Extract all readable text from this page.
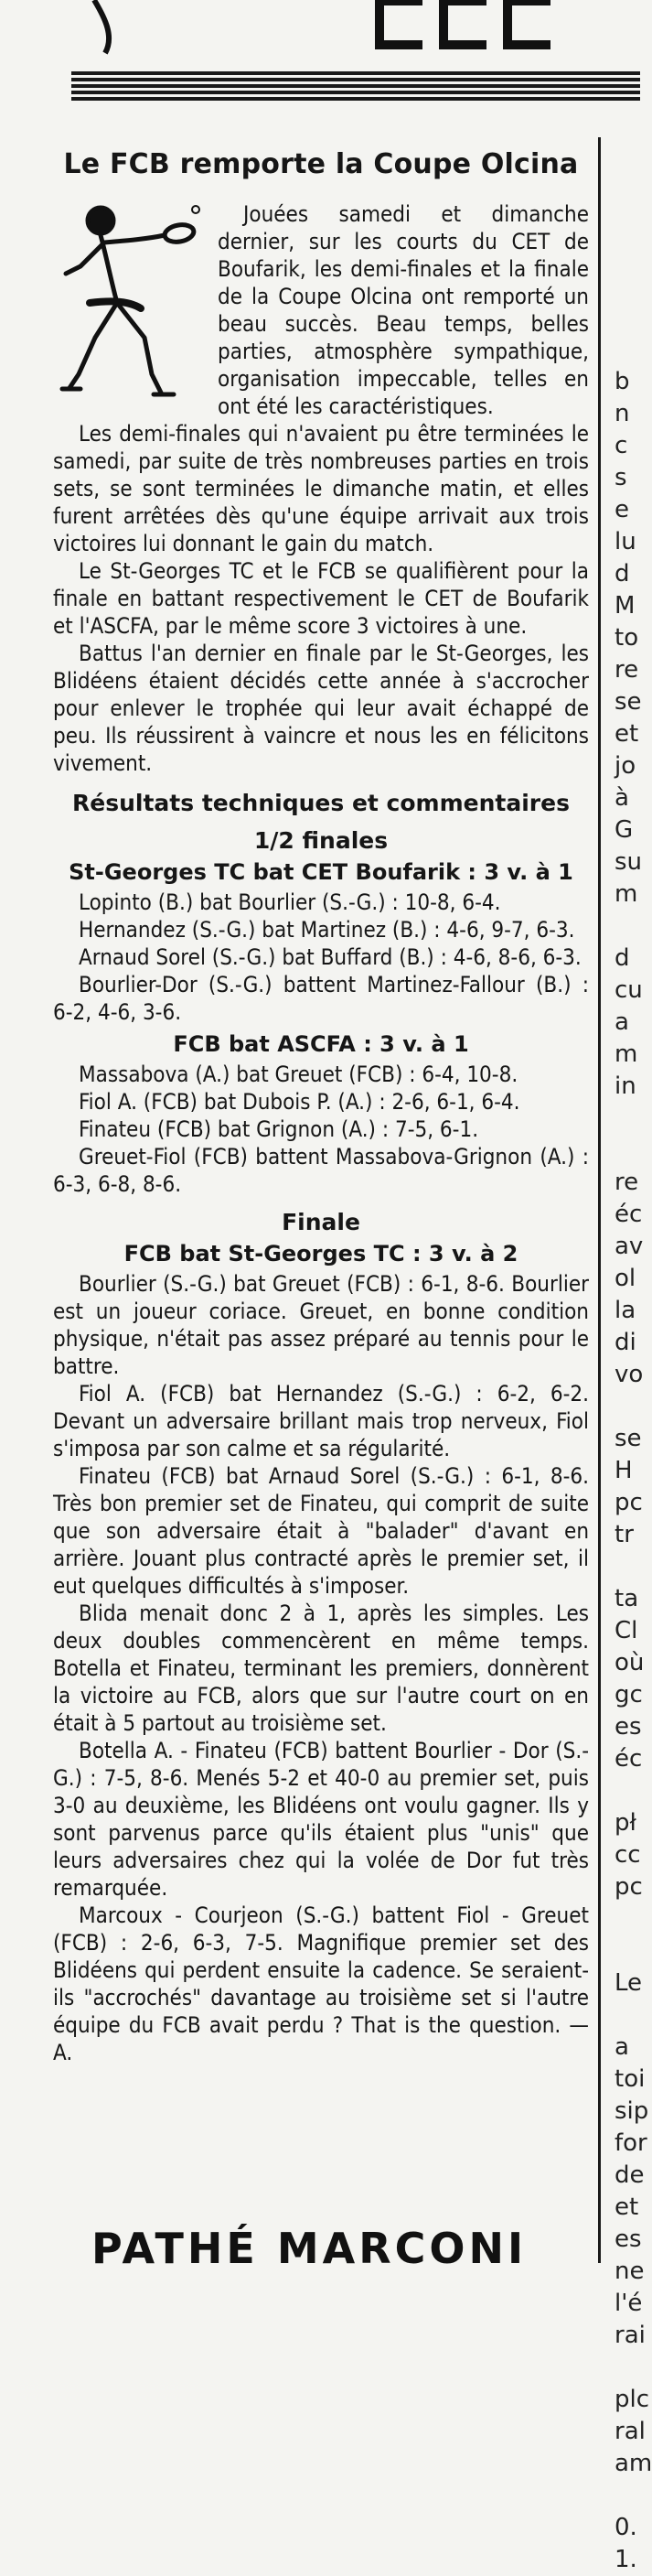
Le FCB remporte la Coupe Olcina

Jouées samedi et dimanche dernier, sur les courts du CET de Boufarik, les demi-finales et la finale de la Coupe Olcina ont remporté un beau succès. Beau temps, belles parties, atmosphère sympathique, organisation impeccable, telles en ont été les caractéristiques.

Les demi-finales qui n'avaient pu être terminées le samedi, par suite de très nombreuses parties en trois sets, se sont terminées le dimanche matin, et elles furent arrêtées dès qu'une équipe arrivait aux trois victoires lui donnant le gain du match.

Le St-Georges TC et le FCB se qualifièrent pour la finale en battant respectivement le CET de Boufarik et l'ASCFA, par le même score 3 victoires à une.

Battus l'an dernier en finale par le St-Georges, les Blidéens étaient décidés cette année à s'accrocher pour enlever le trophée qui leur avait échappé de peu. Ils réussirent à vaincre et nous les en félicitons vivement.

Résultats techniques et commentaires
1/2 finales
St-Georges TC bat CET Boufarik : 3 v. à 1

Lopinto (B.) bat Bourlier (S.-G.) : 10-8, 6-4.

Hernandez (S.-G.) bat Martinez (B.) : 4-6, 9-7, 6-3.

Arnaud Sorel (S.-G.) bat Buffard (B.) : 4-6, 8-6, 6-3.

Bourlier-Dor (S.-G.) battent Martinez-Fallour (B.) : 6-2, 4-6, 3-6.

FCB bat ASCFA : 3 v. à 1

Massabova (A.) bat Greuet (FCB) : 6-4, 10-8.

Fiol A. (FCB) bat Dubois P. (A.) : 2-6, 6-1, 6-4.

Finateu (FCB) bat Grignon (A.) : 7-5, 6-1.

Greuet-Fiol (FCB) battent Massabova-Grignon (A.) : 6-3, 6-8, 8-6.

Finale
FCB bat St-Georges TC : 3 v. à 2

Bourlier (S.-G.) bat Greuet (FCB) : 6-1, 8-6. Bourlier est un joueur coriace. Greuet, en bonne condition physique, n'était pas assez préparé au tennis pour le battre.

Fiol A. (FCB) bat Hernandez (S.-G.) : 6-2, 6-2. Devant un adversaire brillant mais trop nerveux, Fiol s'imposa par son calme et sa régularité.

Finateu (FCB) bat Arnaud Sorel (S.-G.) : 6-1, 8-6. Très bon premier set de Finateu, qui comprit de suite que son adversaire était à "balader" d'avant en arrière. Jouant plus contracté après le premier set, il eut quelques difficultés à s'imposer.

Blida menait donc 2 à 1, après les simples. Les deux doubles commencèrent en même temps. Botella et Finateu, terminant les premiers, donnèrent la victoire au FCB, alors que sur l'autre court on en était à 5 partout au troisième set.

Botella A. - Finateu (FCB) battent Bourlier - Dor (S.-G.) : 7-5, 8-6. Menés 5-2 et 40-0 au premier set, puis 3-0 au deuxième, les Blidéens ont voulu gagner. Ils y sont parvenus parce qu'ils étaient plus "unis" que leurs adversaires chez qui la volée de Dor fut très remarquée.

Marcoux - Courjeon (S.-G.) battent Fiol - Greuet (FCB) : 2-6, 6-3, 7-5. Magnifique premier set des Blidéens qui perdent ensuite la cadence. Se seraient-ils "accrochés" davantage au troisième set si l'autre équipe du FCB avait perdu ? That is the question. — A.

b
n
c
s
e
lu
d
M
to
re
se
et
jo
à
G
su
m
d
cu
a
m
in
re
éc
av
ol
la
di
vo
se
H
pc
tr
ta
Cl
où
gc
es
éc
pł
cc
pc
Le
a
toi
sip
for
de
et
es
ne
l'é
rai
plc
ral
am
0.
1.
PATHÉ MARCONI
